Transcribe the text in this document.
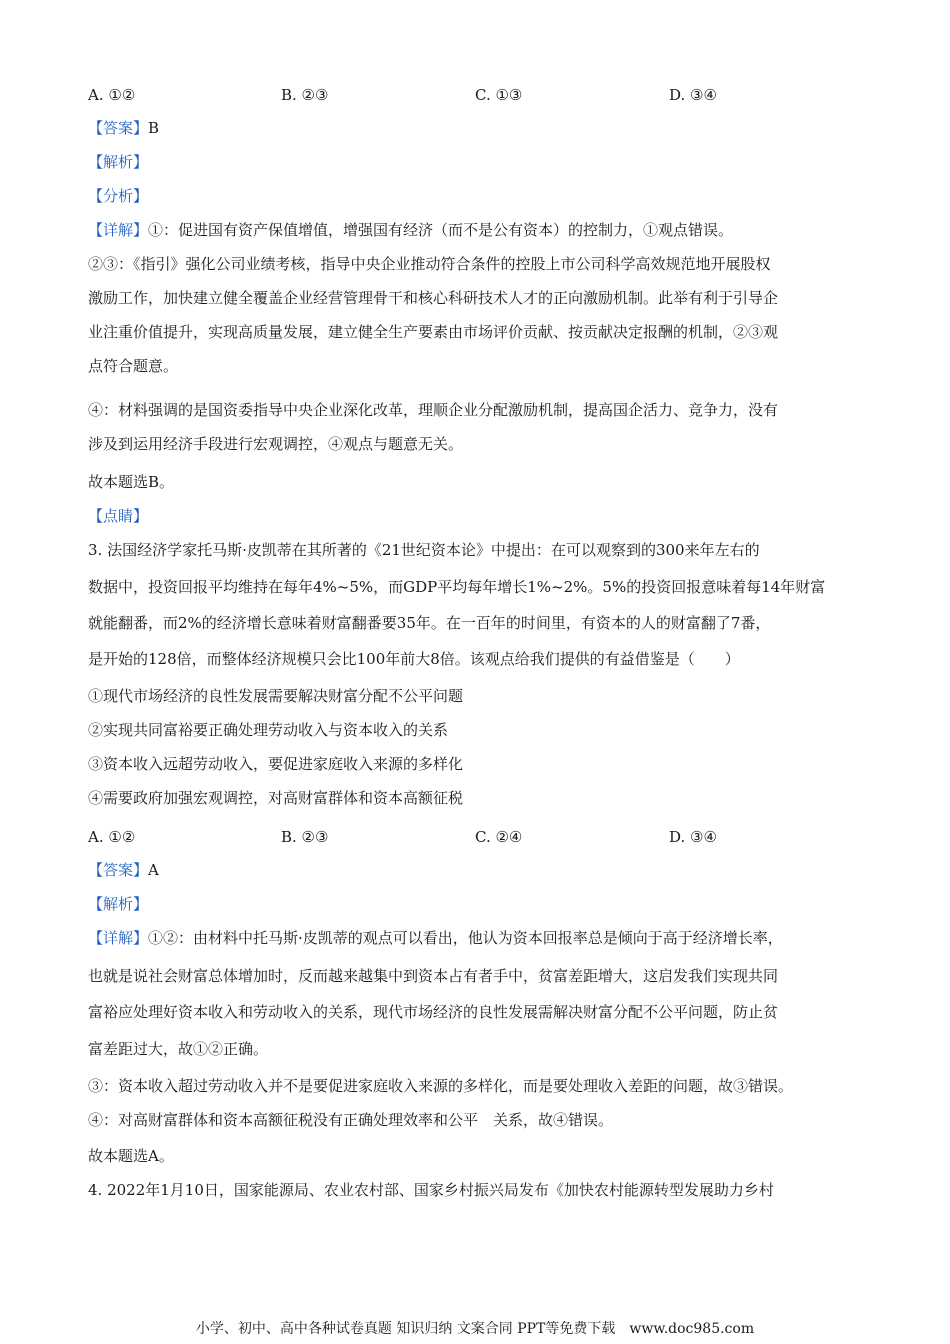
A. ①②	B. ②③	C. ①③	D. ③④
【答案】B
【解析】
【分析】
【详解】①：促进国有资产保值增值，增强国有经济（而不是公有资本）的控制力，①观点错误。
②③：《指引》强化公司业绩考核，指导中央企业推动符合条件的控股上市公司科学高效规范地开展股权
激励工作，加快建立健全覆盖企业经营管理骨干和核心科研技术人才的正向激励机制。此举有利于引导企
业注重价值提升，实现高质量发展，建立健全生产要素由市场评价贡献、按贡献决定报酬的机制，②③观
点符合题意。
④：材料强调的是国资委指导中央企业深化改革，理顺企业分配激励机制，提高国企活力、竞争力，没有
涉及到运用经济手段进行宏观调控，④观点与题意无关。
故本题选B。
【点睛】
3. 法国经济学家托马斯·皮凯蒂在其所著的《21世纪资本论》中提出：在可以观察到的300来年左右的
数据中，投资回报平均维持在每年4%~5%，而GDP平均每年增长1%~2%。5%的投资回报意味着每14年财富
就能翻番，而2%的经济增长意味着财富翻番要35年。在一百年的时间里，有资本的人的财富翻了7番，
是开始的128倍，而整体经济规模只会比100年前大8倍。该观点给我们提供的有益借鉴是（　　）
①现代市场经济的良性发展需要解决财富分配不公平问题
②实现共同富裕要正确处理劳动收入与资本收入的关系
③资本收入远超劳动收入，要促进家庭收入来源的多样化
④需要政府加强宏观调控，对高财富群体和资本高额征税
A. ①②	B. ②③	C. ②④	D. ③④
【答案】A
【解析】
【详解】①②：由材料中托马斯·皮凯蒂的观点可以看出，他认为资本回报率总是倾向于高于经济增长率，
也就是说社会财富总体增加时，反而越来越集中到资本占有者手中，贫富差距增大，这启发我们实现共同
富裕应处理好资本收入和劳动收入的关系，现代市场经济的良性发展需解决财富分配不公平问题，防止贫
富差距过大，故①②正确。
③：资本收入超过劳动收入并不是要促进家庭收入来源的多样化，而是要处理收入差距的问题，故③错误。
④：对高财富群体和资本高额征税没有正确处理效率和公平　关系，故④错误。
故本题选A。
4. 2022年1月10日，国家能源局、农业农村部、国家乡村振兴局发布《加快农村能源转型发展助力乡村
小学、初中、高中各种试卷真题 知识归纳 文案合同 PPT等免费下载　www.doc985.com
